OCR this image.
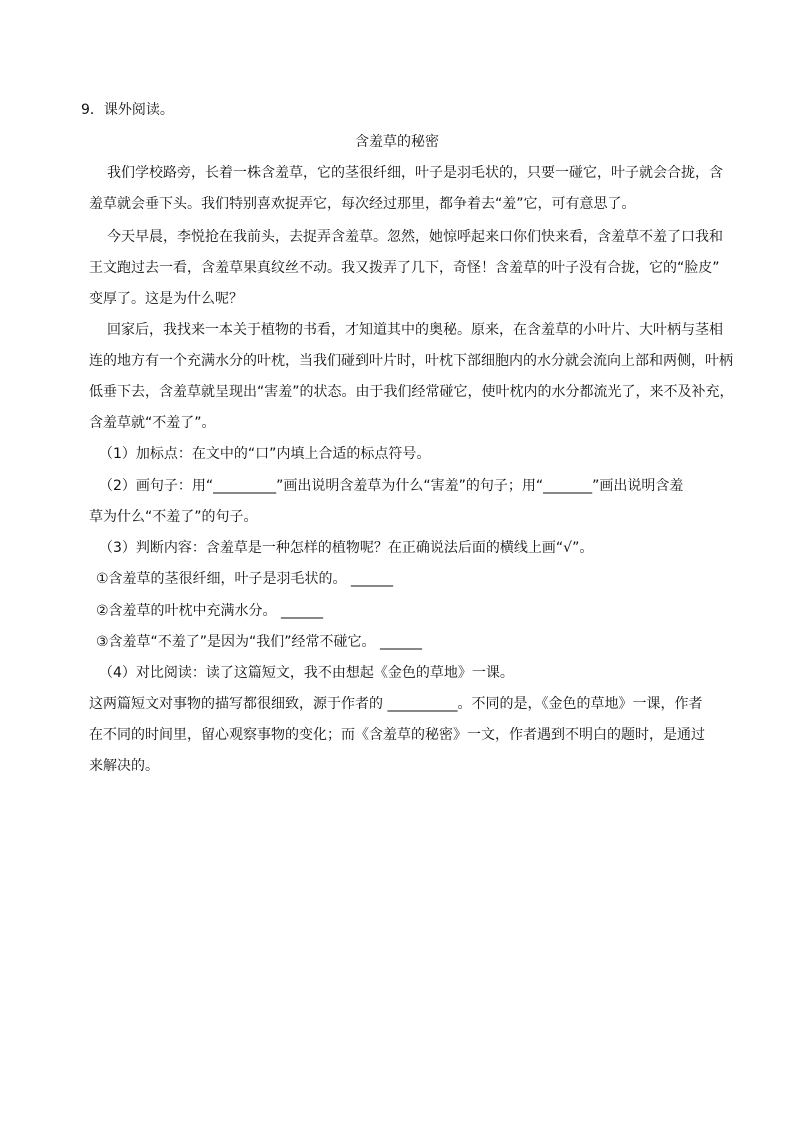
9．课外阅读。
含羞草的秘密
我们学校路旁，长着一株含羞草，它的茎很纤细，叶子是羽毛状的，只要一碰它，叶子就会合拢，含
羞草就会垂下头。我们特别喜欢捉弄它，每次经过那里，都争着去“羞”它，可有意思了。
今天早晨，李悦抢在我前头，去捉弄含羞草。忽然，她惊呼起来口你们快来看，含羞草不羞了口我和
王文跑过去一看，含羞草果真纹丝不动。我又拨弄了几下，奇怪！含羞草的叶子没有合拢，它的“脸皮”
变厚了。这是为什么呢？
回家后，我找来一本关于植物的书看，才知道其中的奥秘。原来，在含羞草的小叶片、大叶柄与茎相
连的地方有一个充满水分的叶枕，当我们碰到叶片时，叶枕下部细胞内的水分就会流向上部和两侧，叶柄
低垂下去，含羞草就呈现出“害羞”的状态。由于我们经常碰它，使叶枕内的水分都流光了，来不及补充，
含羞草就“不羞了”。
（1）加标点：在文中的“口”内填上合适的标点符号。
（2）画句子：用“_________”画出说明含羞草为什么“害羞”的句子；用“_______”画出说明含羞
草为什么“不羞了”的句子。
（3）判断内容：含羞草是一种怎样的植物呢？在正确说法后面的横线上画“√”。
①含羞草的茎很纤细，叶子是羽毛状的。 ______
②含羞草的叶枕中充满水分。 ______
③含羞草“不羞了”是因为“我们”经常不碰它。 ______
（4）对比阅读：读了这篇短文，我不由想起《金色的草地》一课。
这两篇短文对事物的描写都很细致，源于作者的 __________。不同的是，《金色的草地》一课，作者
在不同的时间里，留心观察事物的变化；而《含羞草的秘密》一文，作者遇到不明白的题时，是通过
来解决的。
